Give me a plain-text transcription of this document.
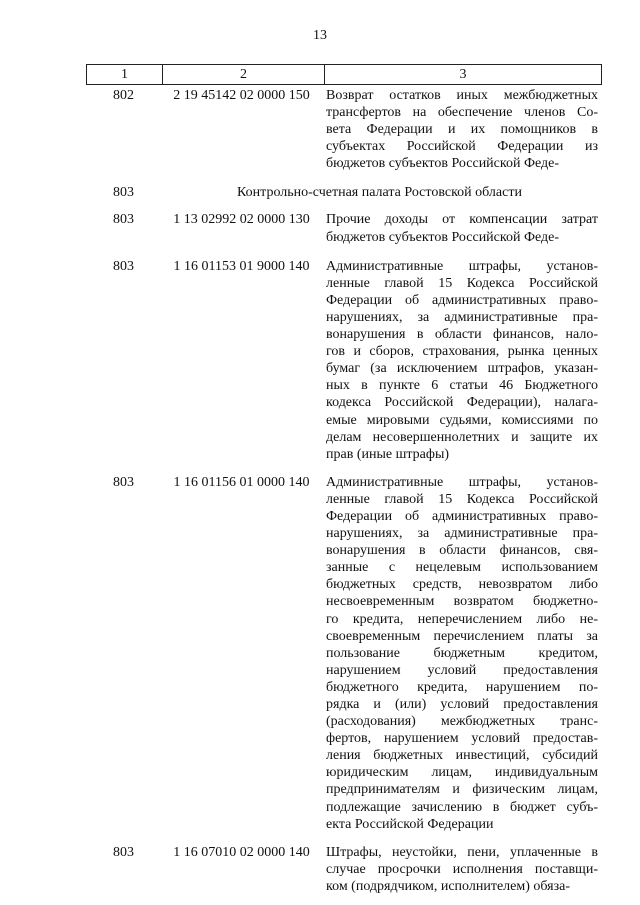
13
1	2	3
802	2 19 45142 02 0000 150	Возврат остатков иных межбюджетных
трансфертов на обеспечение членов Со-
вета Федерации и их помощников в
субъектах Российской Федерации из
бюджетов субъектов Российской Феде-
803	Контрольно-счетная палата Ростовской области
803	1 13 02992 02 0000 130	Прочие доходы от компенсации затрат
бюджетов субъектов Российской Феде-
803	1 16 01153 01 9000 140	Административные штрафы, установ-
ленные главой 15 Кодекса Российской
Федерации об административных право-
нарушениях, за административные пра-
вонарушения в области финансов, нало-
гов и сборов, страхования, рынка ценных
бумаг (за исключением штрафов, указан-
ных в пункте 6 статьи 46 Бюджетного
кодекса Российской Федерации), налага-
емые мировыми судьями, комиссиями по
делам несовершеннолетних и защите их
прав (иные штрафы)
803	1 16 01156 01 0000 140	Административные штрафы, установ-
ленные главой 15 Кодекса Российской
Федерации об административных право-
нарушениях, за административные пра-
вонарушения в области финансов, свя-
занные с нецелевым использованием
бюджетных средств, невозвратом либо
несвоевременным возвратом бюджетно-
го кредита, неперечислением либо не-
своевременным перечислением платы за
пользование бюджетным кредитом,
нарушением условий предоставления
бюджетного кредита, нарушением по-
рядка и (или) условий предоставления
(расходования) межбюджетных транс-
фертов, нарушением условий предостав-
ления бюджетных инвестиций, субсидий
юридическим лицам, индивидуальным
предпринимателям и физическим лицам,
подлежащие зачислению в бюджет субъ-
екта Российской Федерации
803	1 16 07010 02 0000 140	Штрафы, неустойки, пени, уплаченные в
случае просрочки исполнения поставщи-
ком (подрядчиком, исполнителем) обяза-
